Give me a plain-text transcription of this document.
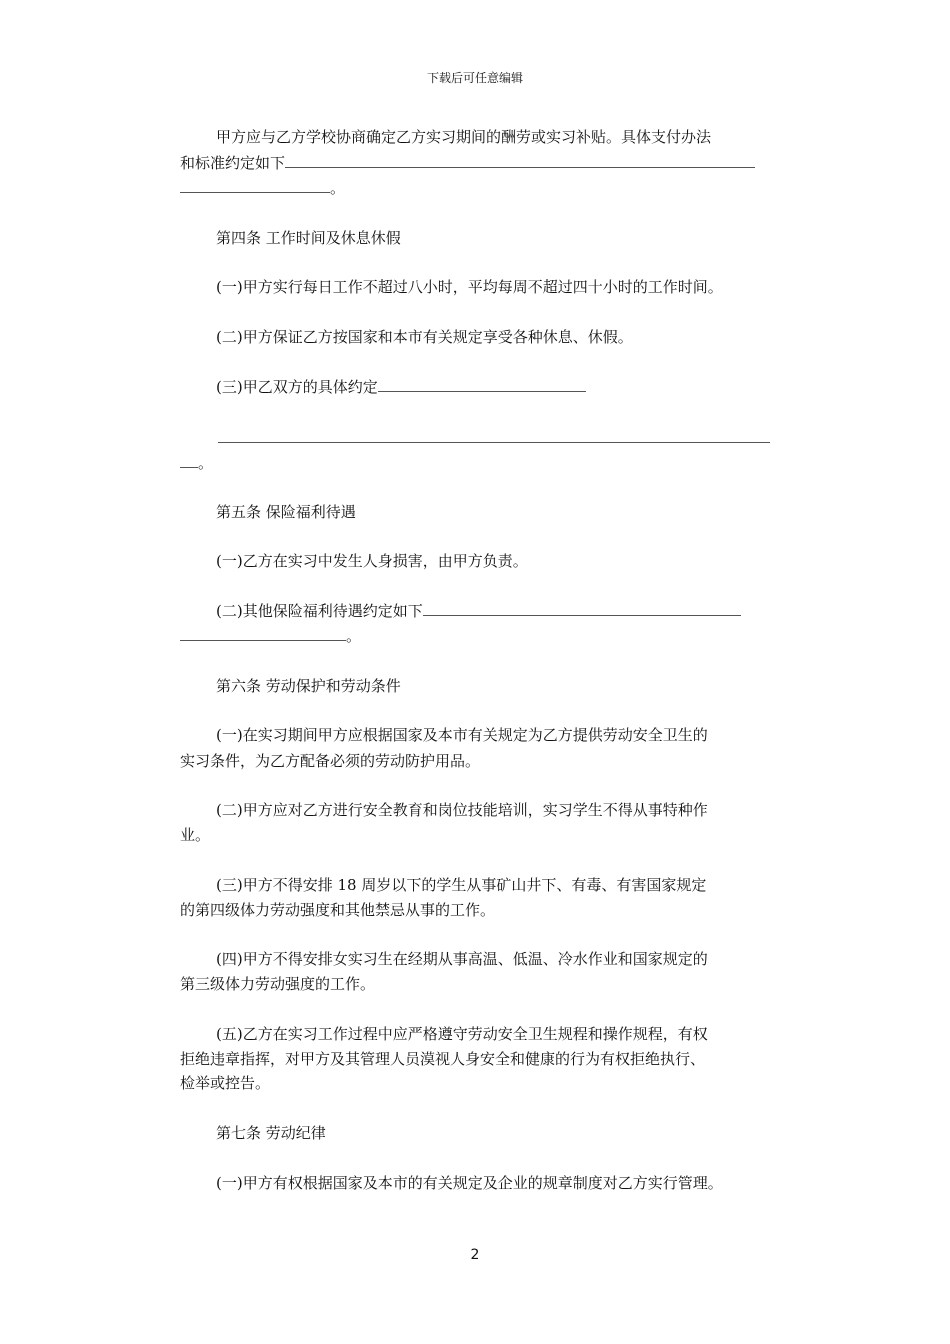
下载后可任意编辑
甲方应与乙方学校协商确定乙方实习期间的酬劳或实习补贴。具体支付办法
和标准约定如下
。
第四条 工作时间及休息休假
(一)甲方实行每日工作不超过八小时，平均每周不超过四十小时的工作时间。
(二)甲方保证乙方按国家和本市有关规定享受各种休息、休假。
(三)甲乙双方的具体约定
。
第五条 保险福利待遇
(一)乙方在实习中发生人身损害，由甲方负责。
(二)其他保险福利待遇约定如下
。
第六条 劳动保护和劳动条件
(一)在实习期间甲方应根据国家及本市有关规定为乙方提供劳动安全卫生的
实习条件，为乙方配备必须的劳动防护用品。
(二)甲方应对乙方进行安全教育和岗位技能培训，实习学生不得从事特种作
业。
(三)甲方不得安排 18 周岁以下的学生从事矿山井下、有毒、有害国家规定
的第四级体力劳动强度和其他禁忌从事的工作。
(四)甲方不得安排女实习生在经期从事高温、低温、冷水作业和国家规定的
第三级体力劳动强度的工作。
(五)乙方在实习工作过程中应严格遵守劳动安全卫生规程和操作规程，有权
拒绝违章指挥，对甲方及其管理人员漠视人身安全和健康的行为有权拒绝执行、
检举或控告。
第七条 劳动纪律
(一)甲方有权根据国家及本市的有关规定及企业的规章制度对乙方实行管理。
2
